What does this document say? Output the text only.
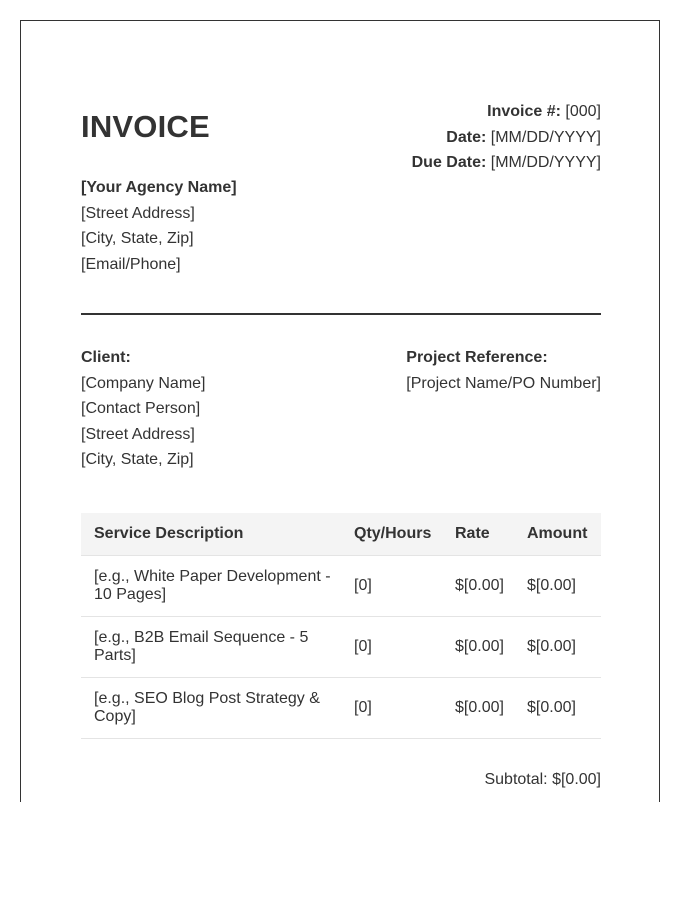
INVOICE	Invoice #: [000]
Date: [MM/DD/YYYY]
Due Date: [MM/DD/YYYY]
[Your Agency Name]
[Street Address]
[City, State, Zip]
[Email/Phone]
Client:
[Company Name]
[Contact Person]
[Street Address]
[City, State, Zip]
Project Reference:
[Project Name/PO Number]
Service Description	Qty/Hours	Rate	Amount
[e.g., White Paper Development - 10 Pages]	[0]	$[0.00]	$[0.00]
[e.g., B2B Email Sequence - 5 Parts]	[0]	$[0.00]	$[0.00]
[e.g., SEO Blog Post Strategy & Copy]	[0]	$[0.00]	$[0.00]
Subtotal: $[0.00]
